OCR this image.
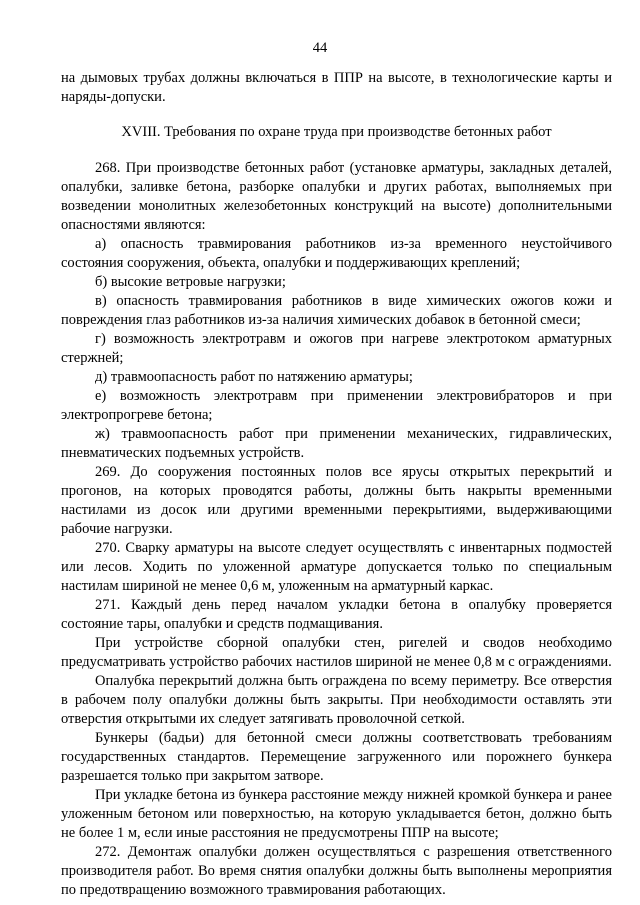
44

на дымовых трубах должны включаться в ППР на высоте, в технологические карты и наряды-допуски.

XVIII. Требования по охране труда при производстве бетонных работ

268. При производстве бетонных работ (установке арматуры, закладных деталей, опалубки, заливке бетона, разборке опалубки и других работах, выполняемых при возведении монолитных железобетонных конструкций на высоте) дополнительными опасностями являются:

а) опасность травмирования работников из-за временного неустойчивого состояния сооружения, объекта, опалубки и поддерживающих креплений;

б) высокие ветровые нагрузки;

в) опасность травмирования работников в виде химических ожогов кожи и повреждения глаз работников из-за наличия химических добавок в бетонной смеси;

г) возможность электротравм и ожогов при нагреве электротоком арматурных стержней;

д) травмоопасность работ по натяжению арматуры;

е) возможность электротравм при применении электровибраторов и при электропрогреве бетона;

ж) травмоопасность работ при применении механических, гидравлических, пневматических подъемных устройств.

269. До сооружения постоянных полов все ярусы открытых перекрытий и прогонов, на которых проводятся работы, должны быть накрыты временными настилами из досок или другими временными перекрытиями, выдерживающими рабочие нагрузки.

270. Сварку арматуры на высоте следует осуществлять с инвентарных подмостей или лесов. Ходить по уложенной арматуре допускается только по специальным настилам шириной не менее 0,6 м, уложенным на арматурный каркас.

271. Каждый день перед началом укладки бетона в опалубку проверяется состояние тары, опалубки и средств подмащивания.

При устройстве сборной опалубки стен, ригелей и сводов необходимо предусматривать устройство рабочих настилов шириной не менее 0,8 м с ограждениями.

Опалубка перекрытий должна быть ограждена по всему периметру. Все отверстия в рабочем полу опалубки должны быть закрыты. При необходимости оставлять эти отверстия открытыми их следует затягивать проволочной сеткой.

Бункеры (бадьи) для бетонной смеси должны соответствовать требованиям государственных стандартов. Перемещение загруженного или порожнего бункера разрешается только при закрытом затворе.

При укладке бетона из бункера расстояние между нижней кромкой бункера и ранее уложенным бетоном или поверхностью, на которую укладывается бетон, должно быть не более 1 м, если иные расстояния не предусмотрены ППР на высоте;

272. Демонтаж опалубки должен осуществляться с разрешения ответственного производителя работ. Во время снятия опалубки должны быть выполнены мероприятия по предотвращению возможного травмирования работающих.
